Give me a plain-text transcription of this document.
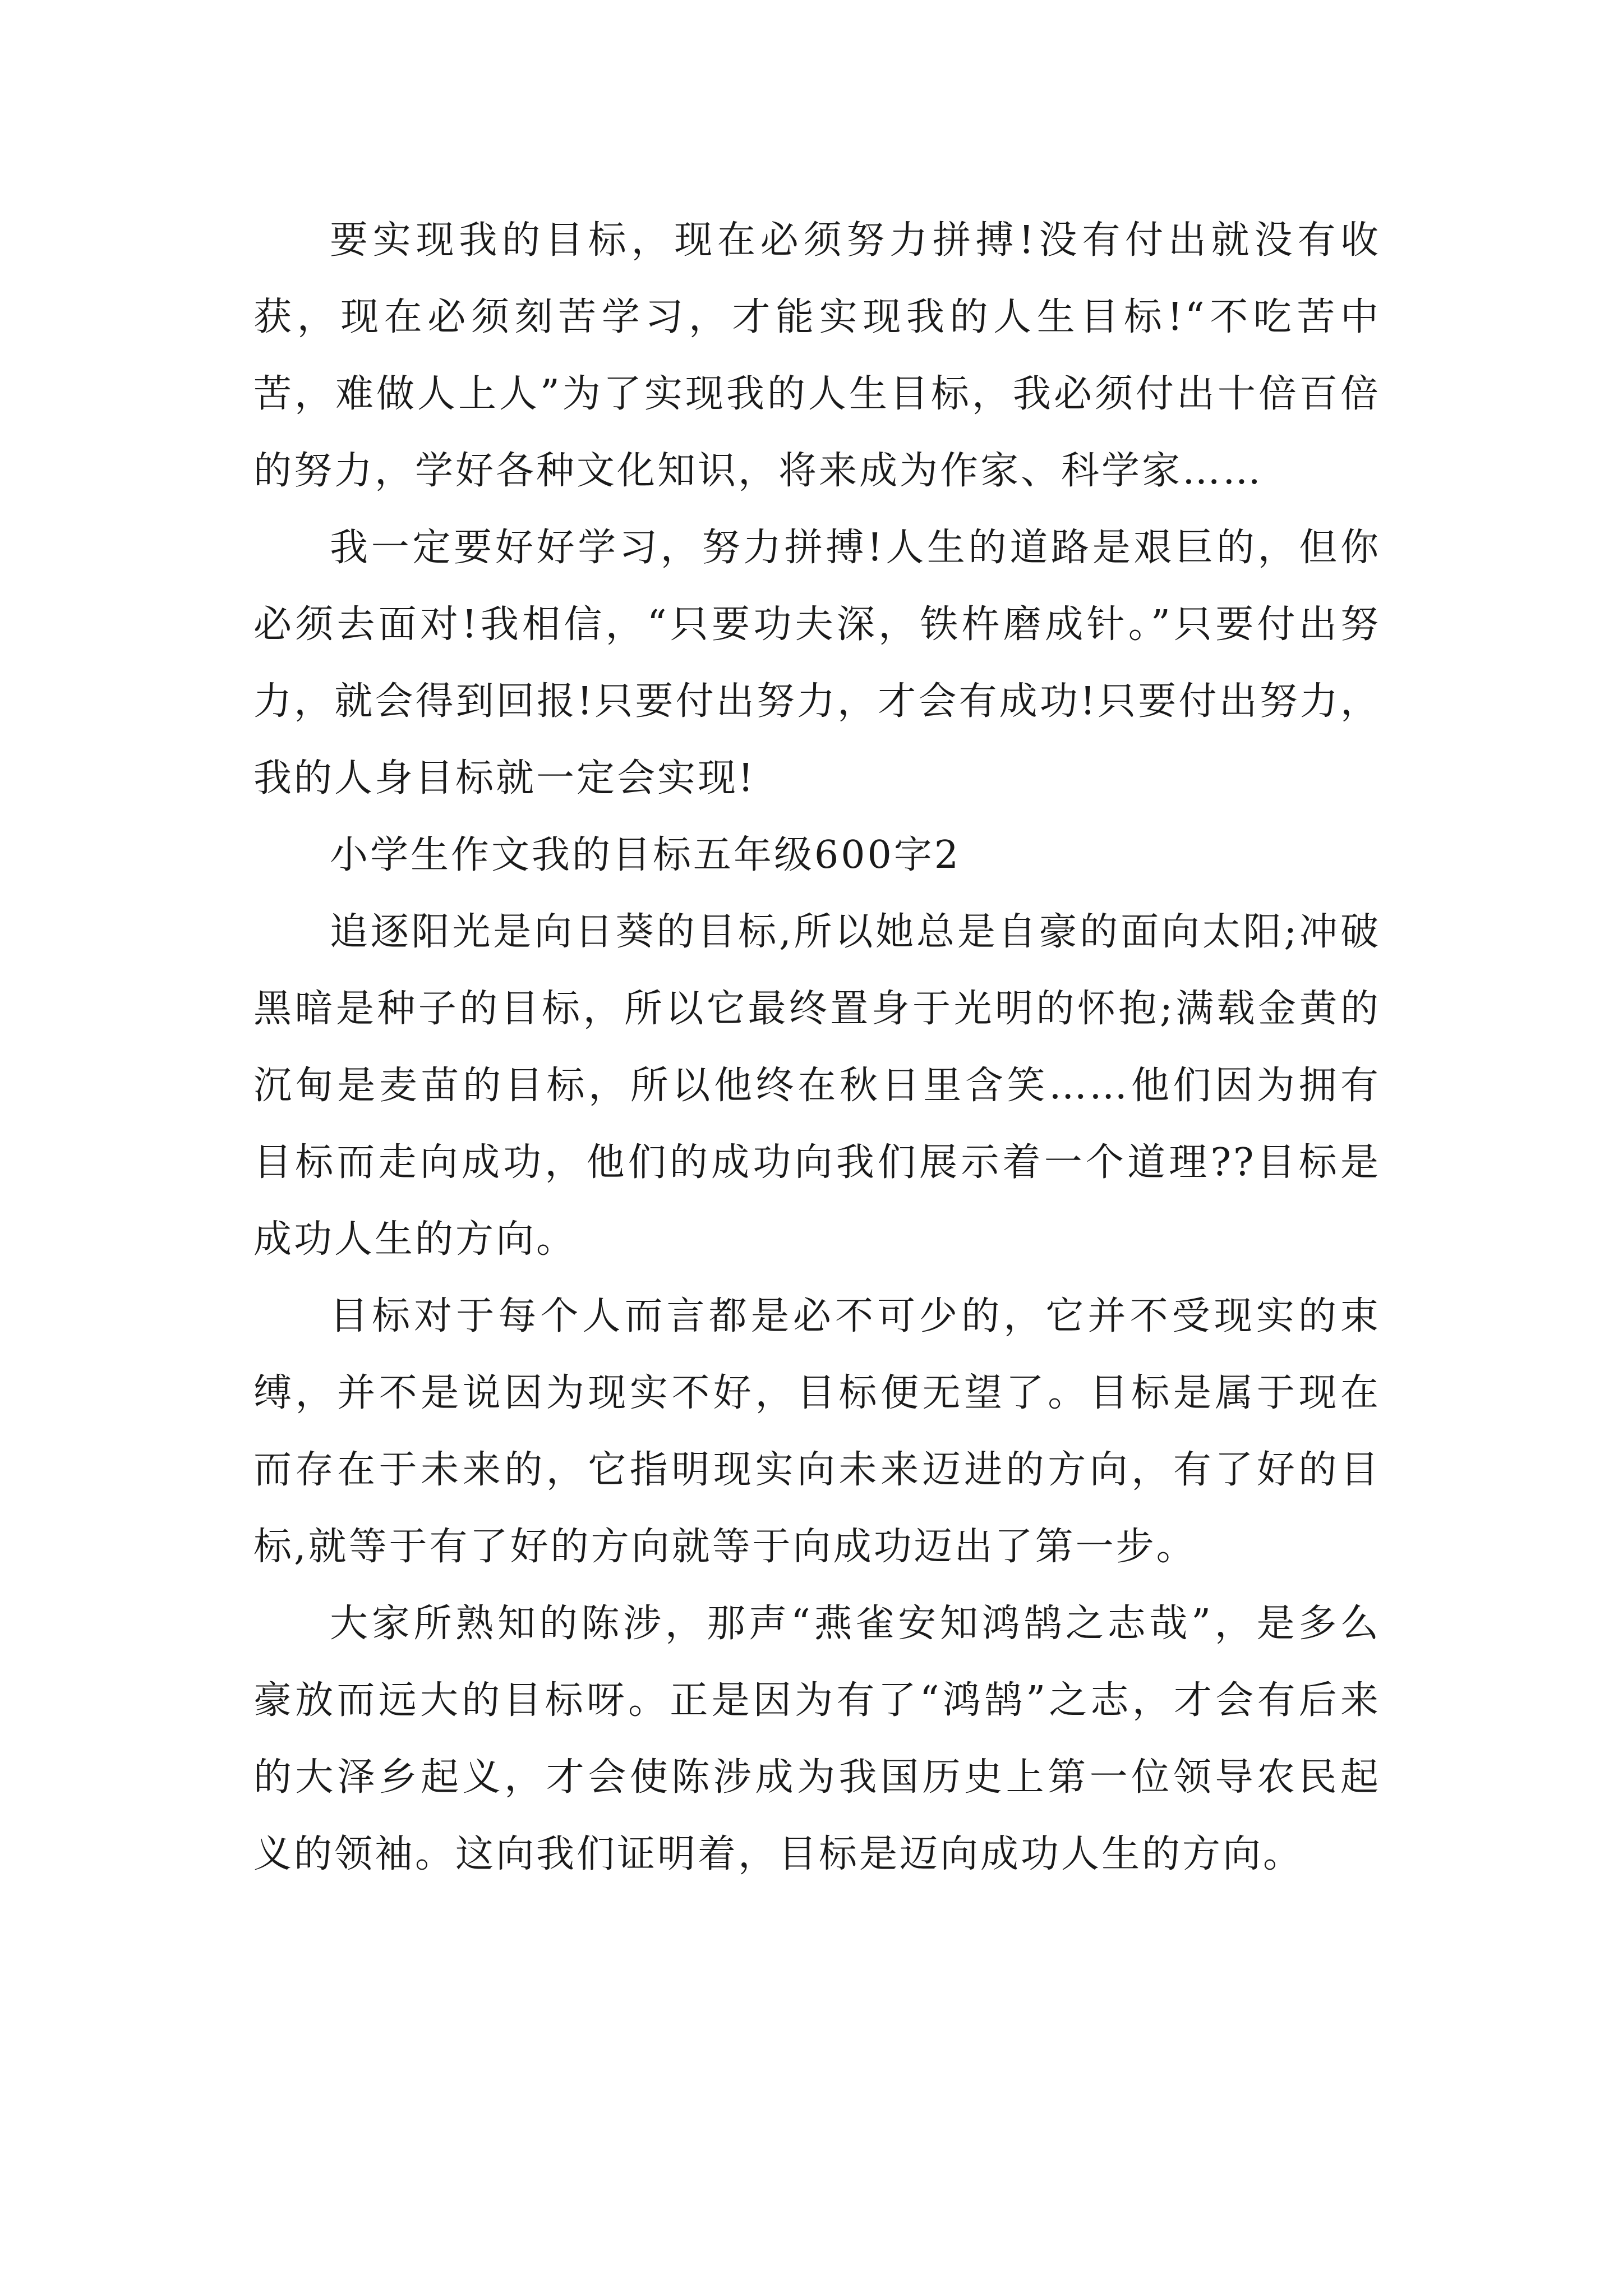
要实现我的目标，现在必须努力拼搏!没有付出就没有收获，现在必须刻苦学习，才能实现我的人生目标!“不吃苦中苦，难做人上人”为了实现我的人生目标，我必须付出十倍百倍的努力，学好各种文化知识，将来成为作家、科学家……

我一定要好好学习，努力拼搏!人生的道路是艰巨的，但你必须去面对!我相信，“只要功夫深，铁杵磨成针。”只要付出努力，就会得到回报!只要付出努力，才会有成功!只要付出努力，我的人身目标就一定会实现!

小学生作文我的目标五年级600字2

追逐阳光是向日葵的目标,所以她总是自豪的面向太阳;冲破黑暗是种子的目标，所以它最终置身于光明的怀抱;满载金黄的沉甸是麦苗的目标，所以他终在秋日里含笑……他们因为拥有目标而走向成功，他们的成功向我们展示着一个道理??目标是成功人生的方向。

目标对于每个人而言都是必不可少的，它并不受现实的束缚，并不是说因为现实不好，目标便无望了。目标是属于现在而存在于未来的，它指明现实向未来迈进的方向，有了好的目标,就等于有了好的方向就等于向成功迈出了第一步。

大家所熟知的陈涉，那声“燕雀安知鸿鹄之志哉”，是多么豪放而远大的目标呀。正是因为有了“鸿鹄”之志，才会有后来的大泽乡起义，才会使陈涉成为我国历史上第一位领导农民起义的领袖。这向我们证明着，目标是迈向成功人生的方向。
